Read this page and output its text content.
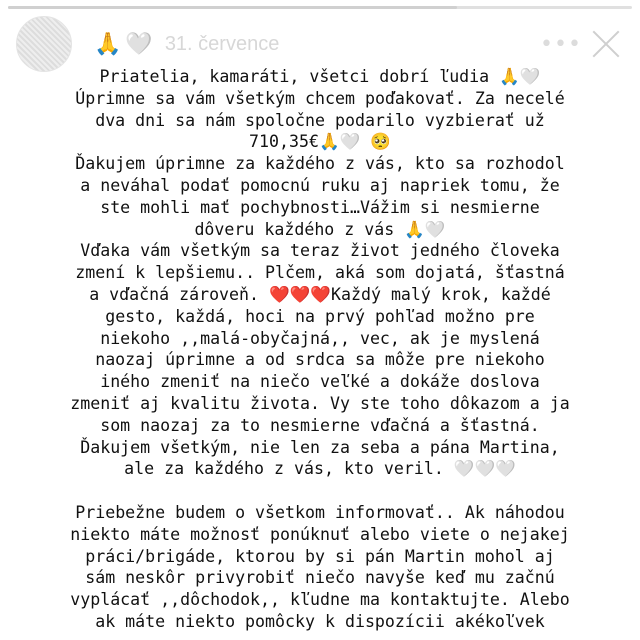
🙏 🤍 31. července	•••
Priatelia, kamaráti, všetci dobrí ľudia 🙏🤍
Úprimne sa vám všetkým chcem poďakovať. Za necelé
dva dni sa nám spoločne podarilo vyzbierať už
710,35€🙏🤍 🥺
Ďakujem úprimne za každého z vás, kto sa rozhodol
a neváhal podať pomocnú ruku aj napriek tomu, že
ste mohli mať pochybnosti…Vážim si nesmierne
dôveru každého z vás 🙏🤍
Vďaka vám všetkým sa teraz život jedného človeka
zmení k lepšiemu.. Plčem, aká som dojatá, šťastná
a vďačná zároveň. ❤️❤️❤️Každý malý krok, každé
gesto, každá, hoci na prvý pohľad možno pre
niekoho ,,malá-obyčajná,, vec, ak je myslená
naozaj úprimne a od srdca sa môže pre niekoho
iného zmeniť na niečo veľké a dokáže doslova
zmeniť aj kvalitu života. Vy ste toho dôkazom a ja
som naozaj za to nesmierne vďačná a šťastná.
Ďakujem všetkým, nie len za seba a pána Martina,
ale za každého z vás, kto veril. 🤍🤍🤍
Priebežne budem o všetkom informovať.. Ak náhodou
niekto máte možnosť ponúknuť alebo viete o nejakej
práci/brigáde, ktorou by si pán Martin mohol aj
sám neskôr privyrobiť niečo navyše keď mu začnú
vyplácať ,,dôchodok,, kľudne ma kontaktujte. Alebo
ak máte niekto pomôcky k dispozícii akékoľvek
